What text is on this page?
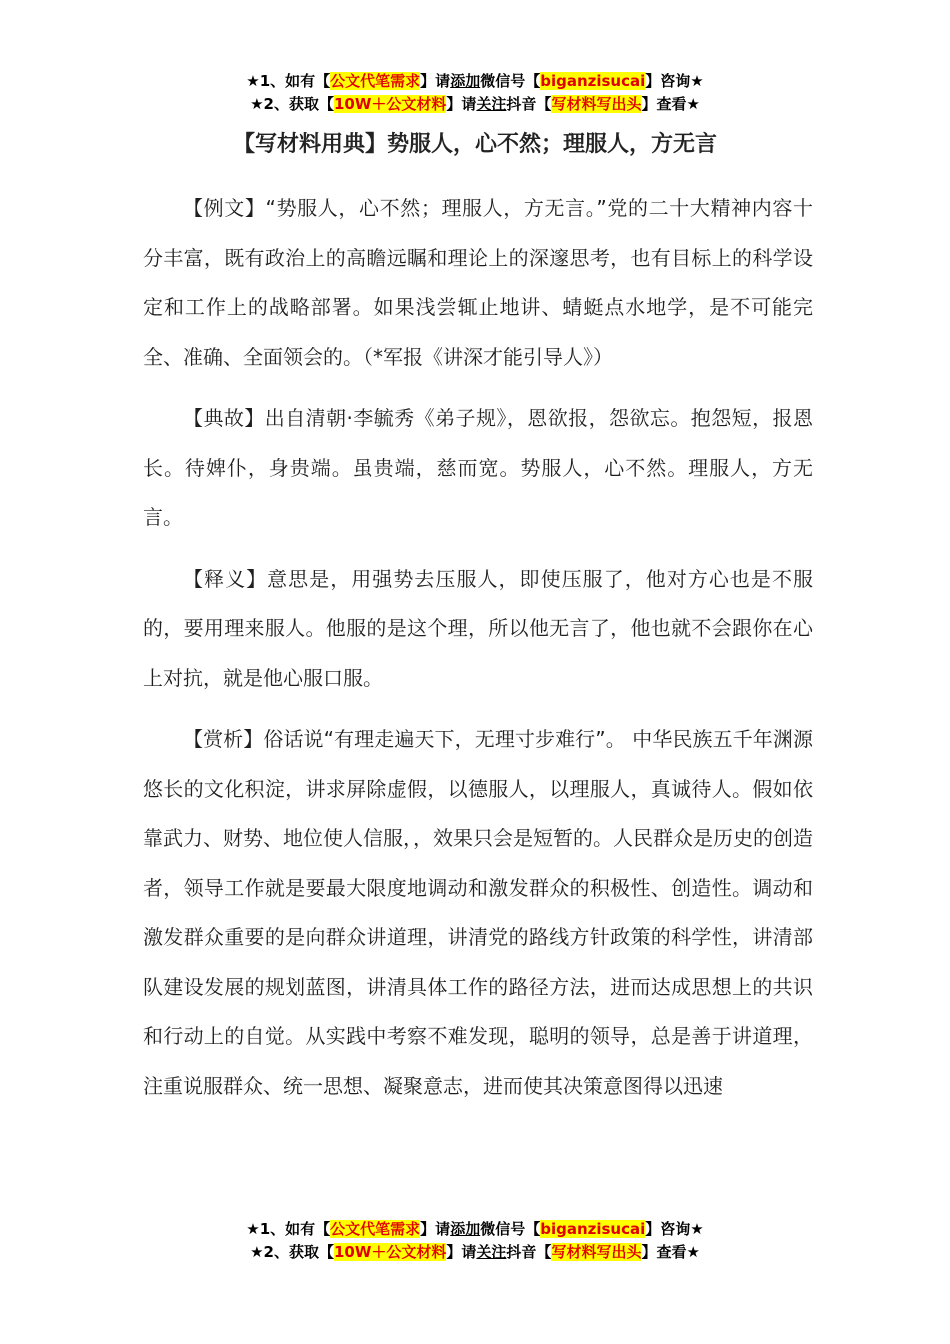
★1、如有【公文代笔需求】请添加微信号【biganzisucai】咨询★
★2、获取【10W＋公文材料】请关注抖音【写材料写出头】查看★
【写材料用典】势服人，心不然；理服人，方无言

【例文】“势服人，心不然；理服人，方无言。”党的二十大精神内容十分丰富，既有政治上的高瞻远瞩和理论上的深邃思考，也有目标上的科学设定和工作上的战略部署。如果浅尝辄止地讲、蜻蜓点水地学，是不可能完全、准确、全面领会的。（*军报《讲深才能引导人》）

【典故】出自清朝·李毓秀《弟子规》，恩欲报，怨欲忘。抱怨短，报恩长。待婢仆，身贵端。虽贵端，慈而宽。势服人，心不然。理服人，方无言。

【释义】意思是，用强势去压服人，即使压服了，他对方心也是不服的，要用理来服人。他服的是这个理，所以他无言了，他也就不会跟你在心上对抗，就是他心服口服。

【赏析】俗话说“有理走遍天下，无理寸步难行”。 中华民族五千年渊源悠长的文化积淀，讲求屏除虚假，以德服人，以理服人，真诚待人。假如依靠武力、财势、地位使人信服，，效果只会是短暂的。人民群众是历史的创造者，领导工作就是要最大限度地调动和激发群众的积极性、创造性。调动和激发群众重要的是向群众讲道理，讲清党的路线方针政策的科学性，讲清部队建设发展的规划蓝图，讲清具体工作的路径方法，进而达成思想上的共识和行动上的自觉。从实践中考察不难发现，聪明的领导，总是善于讲道理，注重说服群众、统一思想、凝聚意志，进而使其决策意图得以迅速

★1、如有【公文代笔需求】请添加微信号【biganzisucai】咨询★
★2、获取【10W＋公文材料】请关注抖音【写材料写出头】查看★
